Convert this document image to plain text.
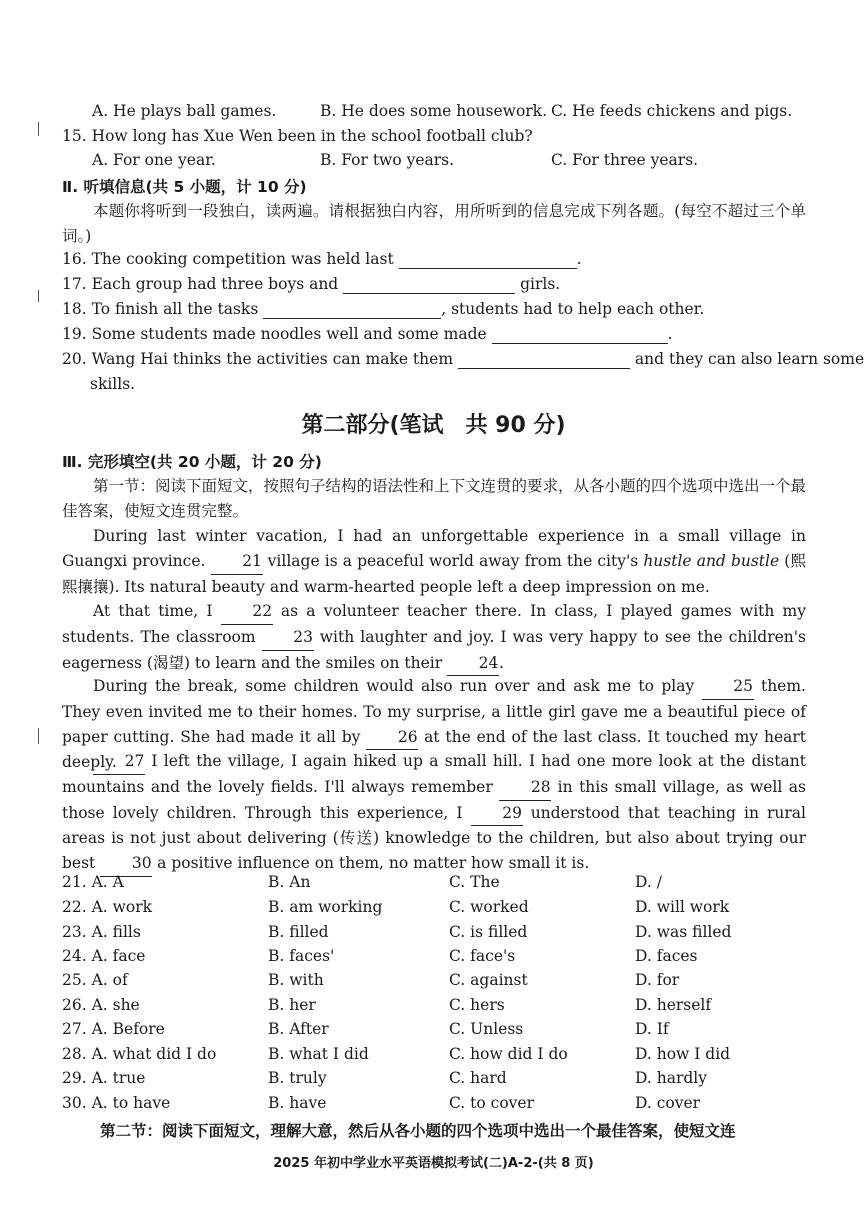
A. He plays ball games.	B. He does some housework. C. He feeds chickens and pigs.
15. How long has Xue Wen been in the school football club?
A. For one year.	B. For two years.	C. For three years.
Ⅱ. 听填信息(共 5 小题，计 10 分)
本题你将听到一段独白，读两遍。请根据独白内容，用所听到的信息完成下列各题。(每空不超过三个单词。)
16. The cooking competition was held last	.
17. Each group had three boys and	girls.
18. To finish all the tasks	, students had to help each other.
19. Some students made noodles well and some made	.
20. Wang Hai thinks the activities can make them	and they can also learn some
skills.
第二部分(笔试　共 90 分)
Ⅲ. 完形填空(共 20 小题，计 20 分)
第一节：阅读下面短文，按照句子结构的语法性和上下文连贯的要求，从各小题的四个选项中选出一个最佳答案，使短文连贯完整。
During last winter vacation, I had an unforgettable experience in a small village in Guangxi province. 21 village is a peaceful world away from the city's hustle and bustle (熙熙攘攘). Its natural beauty and warm-hearted people left a deep impression on me.
At that time, I	22 as a volunteer teacher there. In class, I played games with my students. The classroom 23 with laughter and joy. I was very happy to see the children's eagerness (渴望) to learn and the smiles on their 24.
During the break, some children would also run over and ask me to play	25 them. They even invited me to their homes. To my surprise, a little girl gave me a beautiful piece of paper cutting. She had made it all by 26 at the end of the last class. It touched my heart deeply. 27 I left the village, I again hiked up a small hill. I had one more look at the distant mountains and the lovely fields. I'll always remember 28 in this small village, as well as those lovely children. Through this experience, I	29 understood that teaching in rural areas is not just about delivering (传送) knowledge to the children, but also about trying our best 30 a positive influence on them, no matter how small it is.
21. A. A	B. An	C. The	D. /
22. A. work	B. am working	C. worked	D. will work
23. A. fills	B. filled	C. is filled	D. was filled
24. A. face	B. faces'	C. face's	D. faces
25. A. of	B. with	C. against	D. for
26. A. she	B. her	C. hers	D. herself
27. A. Before	B. After	C. Unless	D. If
28. A. what did I do	B. what I did	C. how did I do	D. how I did
29. A. true	B. truly	C. hard	D. hardly
30. A. to have	B. have	C. to cover	D. cover
第二节：阅读下面短文，理解大意，然后从各小题的四个选项中选出一个最佳答案，使短文连
2025 年初中学业水平英语模拟考试(二)A-2-(共 8 页)
